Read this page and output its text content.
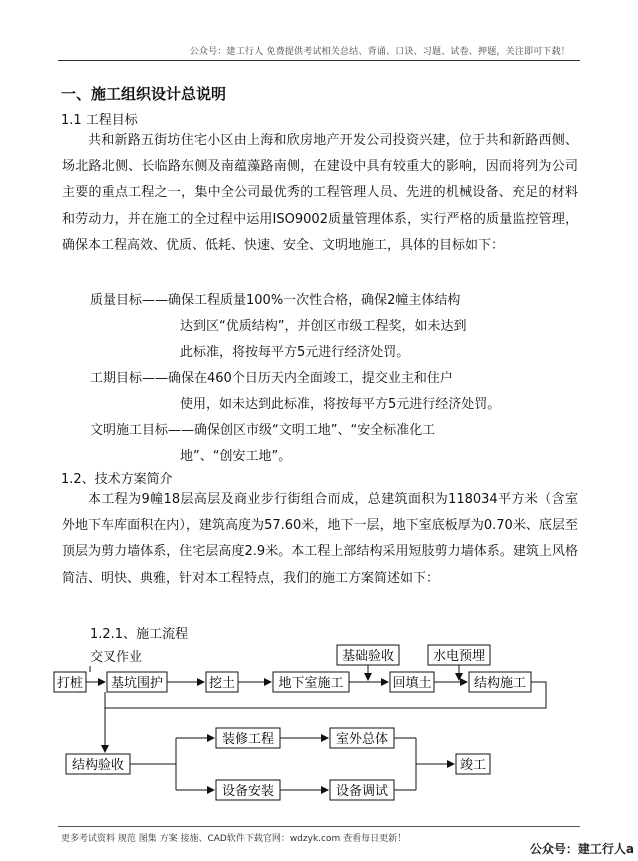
公众号：建工行人 免费提供考试相关总结、背诵、口诀、习题、试卷、押题，关注即可下载！
一、施工组织设计总说明
1.1 工程目标
共和新路五街坊住宅小区由上海和欣房地产开发公司投资兴建，位于共和新路西侧、场北路北侧、长临路东侧及南蕴藻路南侧，在建设中具有较重大的影响，因而将列为公司主要的重点工程之一，集中全公司最优秀的工程管理人员、先进的机械设备、充足的材料和劳动力，并在施工的全过程中运用ISO9002质量管理体系，实行严格的质量监控管理，确保本工程高效、优质、低耗、快速、安全、文明地施工，具体的目标如下：
质量目标——确保工程质量100%一次性合格，确保2幢主体结构
达到区“优质结构”，并创区市级工程奖，如未达到
此标准，将按每平方5元进行经济处罚。
工期目标——确保在460个日历天内全面竣工，提交业主和住户
使用，如未达到此标准，将按每平方5元进行经济处罚。
文明施工目标——确保创区市级“文明工地”、“安全标准化工
地”、“创安工地”。
1.2、技术方案简介
本工程为9幢18层高层及商业步行街组合而成，总建筑面积为118034平方米（含室外地下车库面积在内），建筑高度为57.60米，地下一层，地下室底板厚为0.70米、底层至顶层为剪力墙体系，住宅层高度2.9米。本工程上部结构采用短肢剪力墙体系。建筑上风格简洁、明快、典雅，针对本工程特点，我们的施工方案简述如下：
1.2.1、施工流程
交叉作业
打桩 基坑围护	挖土	地下室施工
基础验收
回填土
水电预埋
结构施工
结构验收
装修工程
设备安装
室外总体
设备调试
竣工
更多考试资料 规范 图集 方案 接施、CAD软件下载官网：wdzyk.com 查看每日更新！
公众号：建工行人a
